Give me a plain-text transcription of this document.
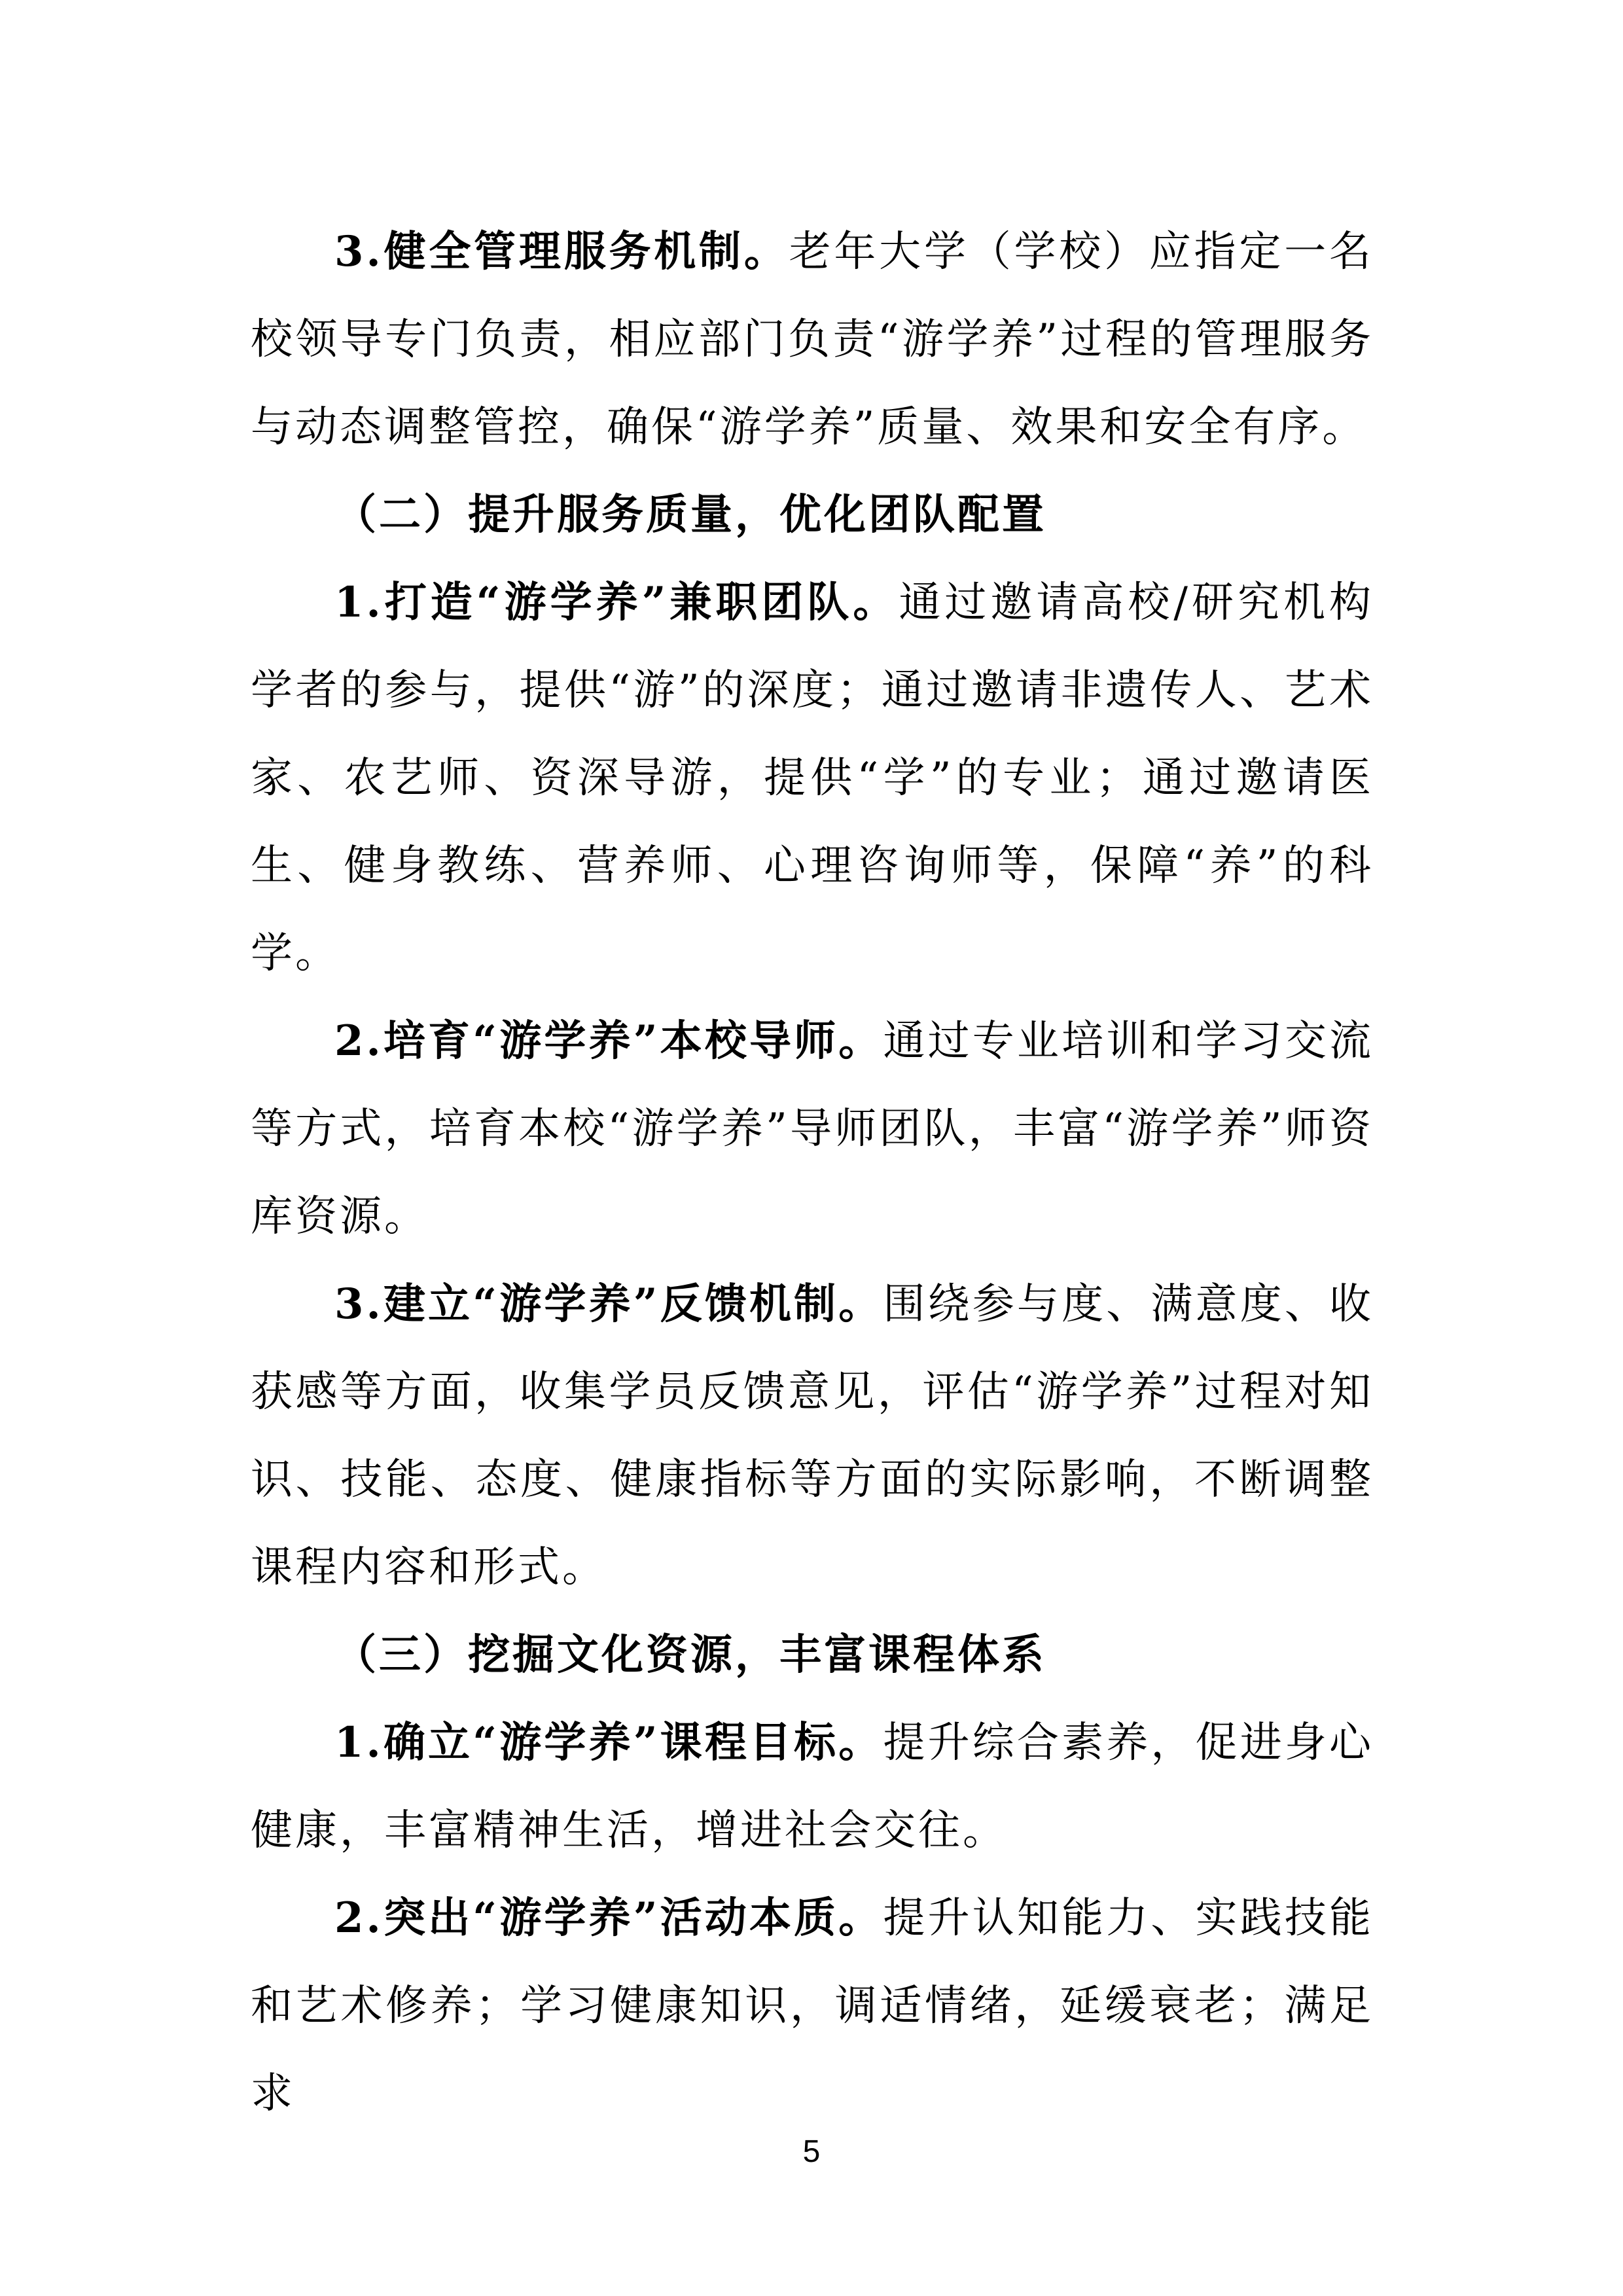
3.健全管理服务机制。老年大学（学校）应指定一名校领导专门负责，相应部门负责“游学养”过程的管理服务与动态调整管控，确保“游学养”质量、效果和安全有序。

（二）提升服务质量，优化团队配置

1.打造“游学养”兼职团队。通过邀请高校/研究机构学者的参与，提供“游”的深度；通过邀请非遗传人、艺术家、农艺师、资深导游，提供“学”的专业；通过邀请医生、健身教练、营养师、心理咨询师等，保障“养”的科学。

2.培育“游学养”本校导师。通过专业培训和学习交流等方式，培育本校“游学养”导师团队，丰富“游学养”师资库资源。

3.建立“游学养”反馈机制。围绕参与度、满意度、收获感等方面，收集学员反馈意见，评估“游学养”过程对知识、技能、态度、健康指标等方面的实际影响，不断调整课程内容和形式。

（三）挖掘文化资源，丰富课程体系

1.确立“游学养”课程目标。提升综合素养，促进身心健康，丰富精神生活，增进社会交往。

2.突出“游学养”活动本质。提升认知能力、实践技能和艺术修养；学习健康知识，调适情绪，延缓衰老；满足求

5
